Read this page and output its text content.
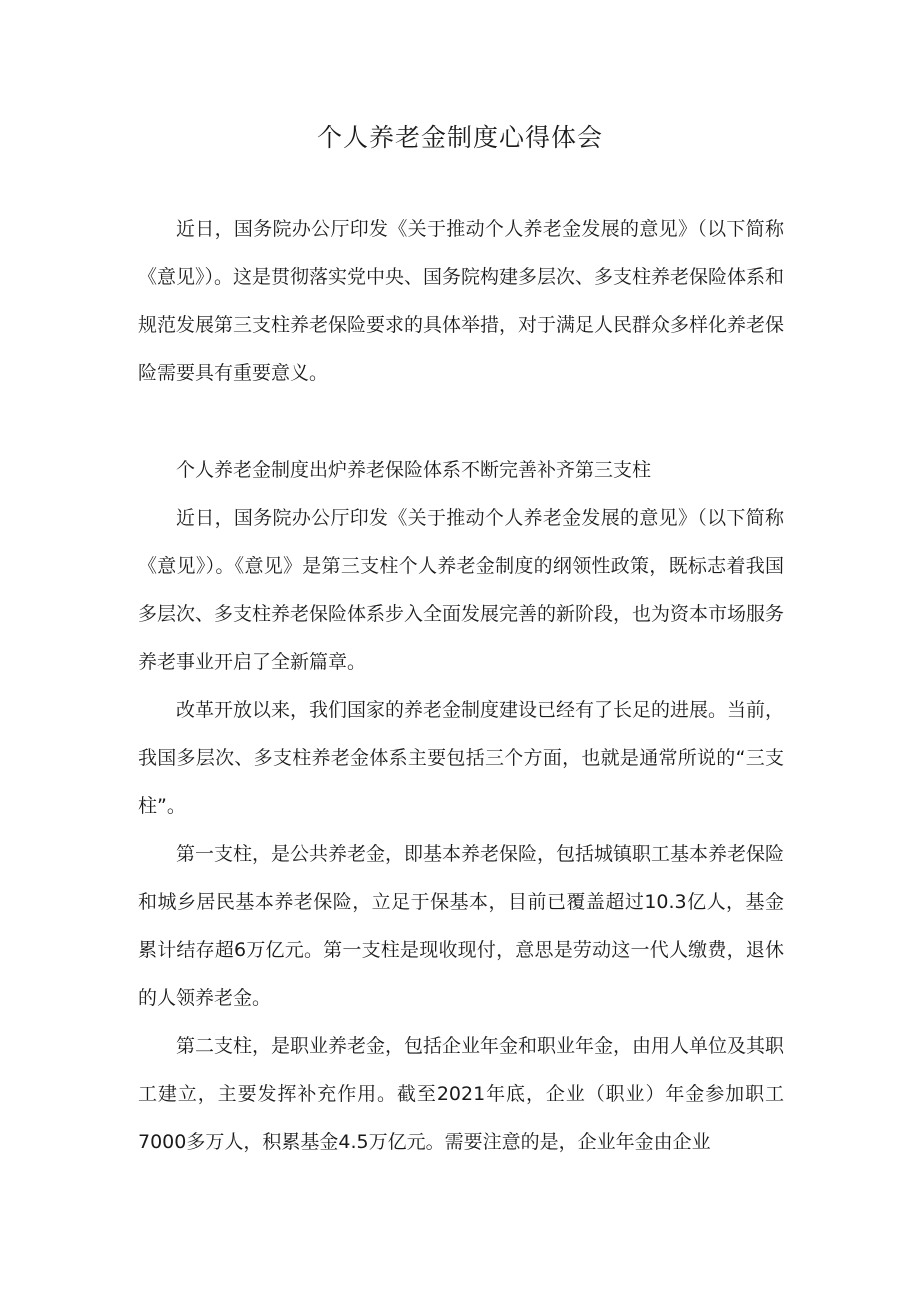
个人养老金制度心得体会

近日，国务院办公厅印发《关于推动个人养老金发展的意见》（以下简称《意见》）。这是贯彻落实党中央、国务院构建多层次、多支柱养老保险体系和规范发展第三支柱养老保险要求的具体举措，对于满足人民群众多样化养老保险需要具有重要意义。

个人养老金制度出炉养老保险体系不断完善补齐第三支柱

近日，国务院办公厅印发《关于推动个人养老金发展的意见》（以下简称《意见》）。《意见》是第三支柱个人养老金制度的纲领性政策，既标志着我国多层次、多支柱养老保险体系步入全面发展完善的新阶段，也为资本市场服务养老事业开启了全新篇章。

改革开放以来，我们国家的养老金制度建设已经有了长足的进展。当前，我国多层次、多支柱养老金体系主要包括三个方面，也就是通常所说的“三支柱”。

第一支柱，是公共养老金，即基本养老保险，包括城镇职工基本养老保险和城乡居民基本养老保险，立足于保基本，目前已覆盖超过10.3亿人，基金累计结存超6万亿元。第一支柱是现收现付，意思是劳动这一代人缴费，退休的人领养老金。

第二支柱，是职业养老金，包括企业年金和职业年金，由用人单位及其职工建立，主要发挥补充作用。截至2021年底，企业（职业）年金参加职工7000多万人，积累基金4.5万亿元。需要注意的是，企业年金由企业
